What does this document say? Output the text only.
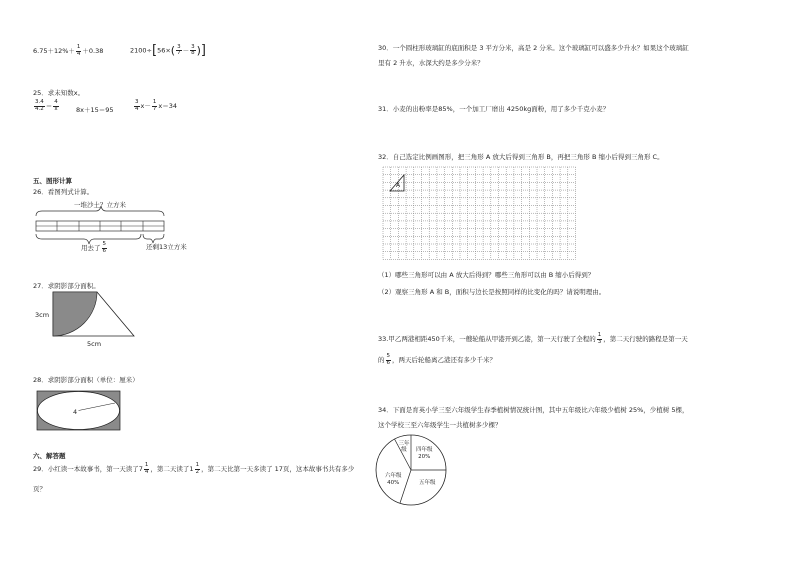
$6.75+12\%+ \frac{1}{4} +0.38$	$2100\div[56\times( \frac{3}{7} - \frac{3}{8}$ )]
25．求未知数x。
$\frac{3.4}{4.2} = \frac{4}{x}$	8x＋15＝95	$\frac{3}{4} x- \frac{1}{7} x=34$
五、图形计算
26．看图列式计算。
一堆沙土？立方米
用去了 $\frac{5}{6}$	还剩13立方米
27．求阴影部分面积。
3cm
5cm
28．求阴影部分面积（单位：厘米）
4
六、解答题
29．小红读一本故事书，第一天读了$7 \frac{1}{4}$ ，第二天读了$1 \frac{1}{2}$ ，第二天比第一天多读了 17页，这本故事书共有多少
页？
30．一个圆柱形玻璃缸的底面积是 3 平方分米，高是 2 分米。这个玻璃缸可以盛多少升水？如果这个玻璃缸
里有 2 升水，水深大约是多少分米？
31．小麦的出粉率是85%，一个加工厂磨出 4250kg面粉，用了多少千克小麦？
32．自己选定比例画图形，把三角形 A 放大后得到三角形 B，再把三角形 B 缩小后得到三角形 C。
A
（1）哪些三角形可以由 A 放大后得到？哪些三角形可以由 B 缩小后得到？
（2）观察三角形 A 和 B，面积与边长是按照同样的比变化的吗？请说明理由。
33.甲乙两港相距450千米，一艘轮船从甲港开到乙港，第一天行驶了全程的 $\frac{1}{3}$ ，第二天行驶的路程是第一天
的 $\frac{5}{6}$ ，两天后轮船离乙港还有多少千米？
34．下面是育英小学三至六年级学生春季植树情况统计图，其中五年级比六年级少植树 25%，少植树 5棵，
这个学校三至六年级学生一共植树多少棵？
三年级	四年级
20%
五年级
六年级
40%
